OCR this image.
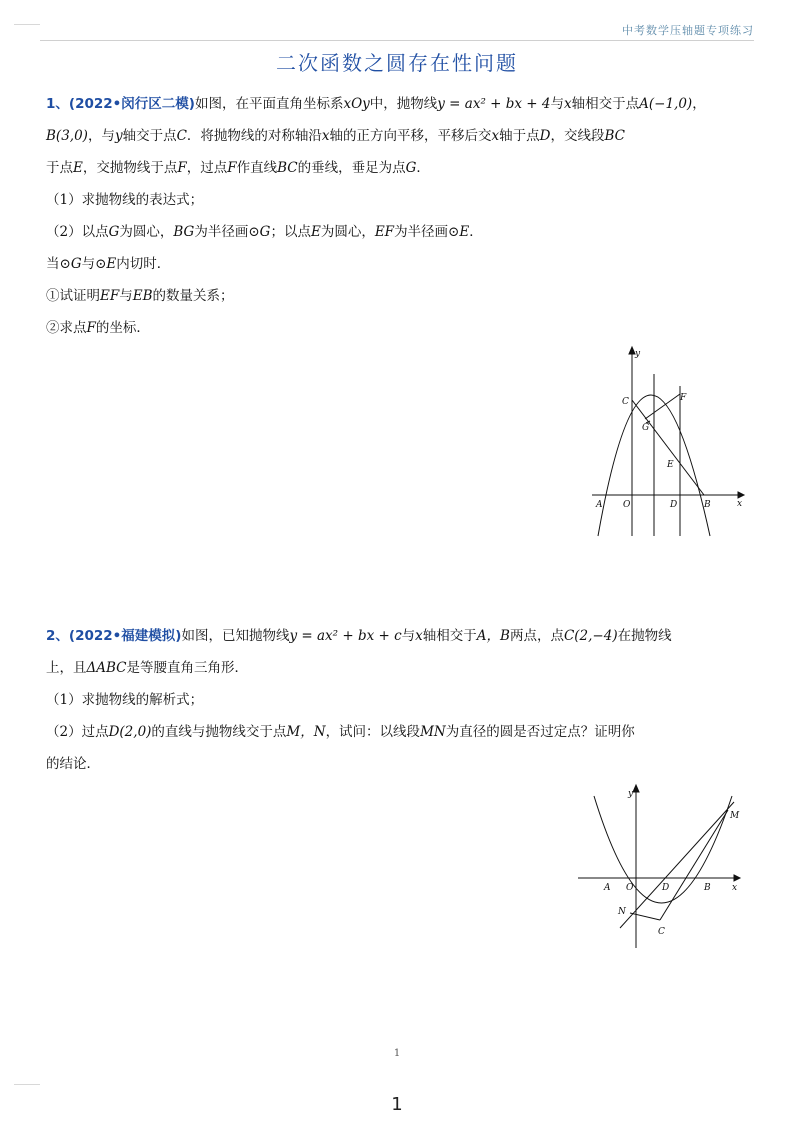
中考数学压轴题专项练习
二次函数之圆存在性问题

1、(2022•闵行区二模)如图，在平面直角坐标系xOy中，抛物线y = ax² + bx + 4与x轴相交于点A(−1,0)，

B(3,0)，与y轴交于点C．将抛物线的对称轴沿x轴的正方向平移，平移后交x轴于点D，交线段BC

于点E，交抛物线于点F，过点F作直线BC的垂线，垂足为点G．

（1）求抛物线的表达式；

（2）以点G为圆心，BG为半径画⊙G；以点E为圆心，EF为半径画⊙E．

当⊙G与⊙E内切时．

①试证明EF与EB的数量关系；

②求点F的坐标．

y
x
A O	D	B
C	F
G
E

2、(2022•福建模拟)如图，已知抛物线y = ax² + bx + c与x轴相交于A，B两点，点C(2,−4)在抛物线

上，且ΔABC是等腰直角三角形．

（1）求抛物线的解析式；

（2）过点D(2,0)的直线与抛物线交于点M，N，试问：以线段MN为直径的圆是否过定点？证明你

的结论．

y
x
A O	D	B
C
M
N
1
1
